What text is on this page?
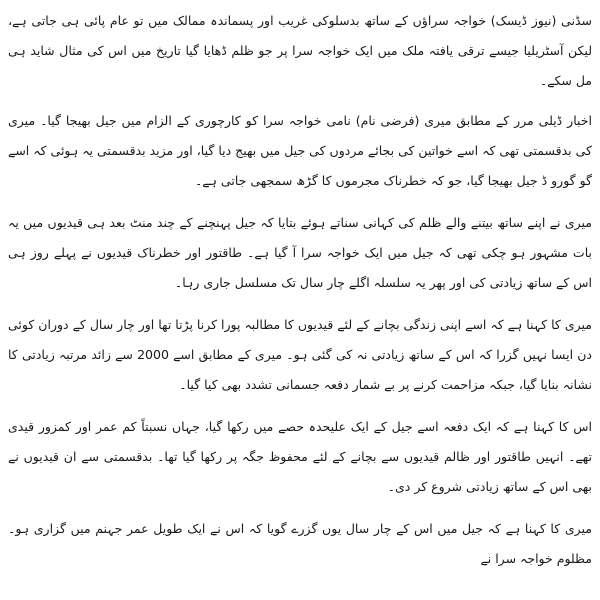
سڈنی (نیوز ڈیسک) خواجہ سراؤں کے ساتھ بدسلوکی غریب اور پسماندہ ممالک میں تو عام پائی ہی جاتی ہے، لیکن آسٹریلیا جیسے ترقی یافتہ ملک میں ایک خواجہ سرا پر جو ظلم ڈھایا گیا تاریخ میں اس کی مثال شاید ہی مل سکے۔

اخبار ڈیلی مرر کے مطابق میری (فرضی نام) نامی خواجہ سرا کو کارچوری کے الزام میں جیل بھیجا گیا۔ میری کی بدقسمتی تھی کہ اسے خواتین کی بجائے مردوں کی جیل میں بھیج دیا گیا، اور مزید بدقسمتی یہ ہوئی کہ اسے گو گورو ڈ جیل بھیجا گیا، جو کہ خطرناک مجرموں کا گڑھ سمجھی جاتی ہے۔

میری نے اپنے ساتھ بیتنے والے ظلم کی کہانی سناتے ہوئے بتایا کہ جیل پہنچنے کے چند منٹ بعد ہی قیدیوں میں یہ بات مشہور ہو چکی تھی کہ جیل میں ایک خواجہ سرا آ گیا ہے۔ طاقتور اور خطرناک قیدیوں نے پہلے روز ہی اس کے ساتھ زیادتی کی اور پھر یہ سلسلہ اگلے چار سال تک مسلسل جاری رہا۔

میری کا کہنا ہے کہ اسے اپنی زندگی بچانے کے لئے قیدیوں کا مطالبہ پورا کرنا پڑتا تھا اور چار سال کے دوران کوئی دن ایسا نہیں گزرا کہ اس کے ساتھ زیادتی نہ کی گئی ہو۔ میری کے مطابق اسے 2000 سے زائد مرتبہ زیادتی کا نشانہ بنایا گیا، جبکہ مزاحمت کرنے پر بے شمار دفعہ جسمانی تشدد بھی کیا گیا۔

اس کا کہنا ہے کہ ایک دفعہ اسے جیل کے ایک علیحدہ حصے میں رکھا گیا، جہاں نسبتاً کم عمر اور کمزور قیدی تھے۔ انہیں طاقتور اور ظالم قیدیوں سے بچانے کے لئے محفوظ جگہ پر رکھا گیا تھا۔ بدقسمتی سے ان قیدیوں نے بھی اس کے ساتھ زیادتی شروع کر دی۔

میری کا کہنا ہے کہ جیل میں اس کے چار سال یوں گزرے گویا کہ اس نے ایک طویل عمر جہنم میں گزاری ہو۔ مظلوم خواجہ سرا نے
